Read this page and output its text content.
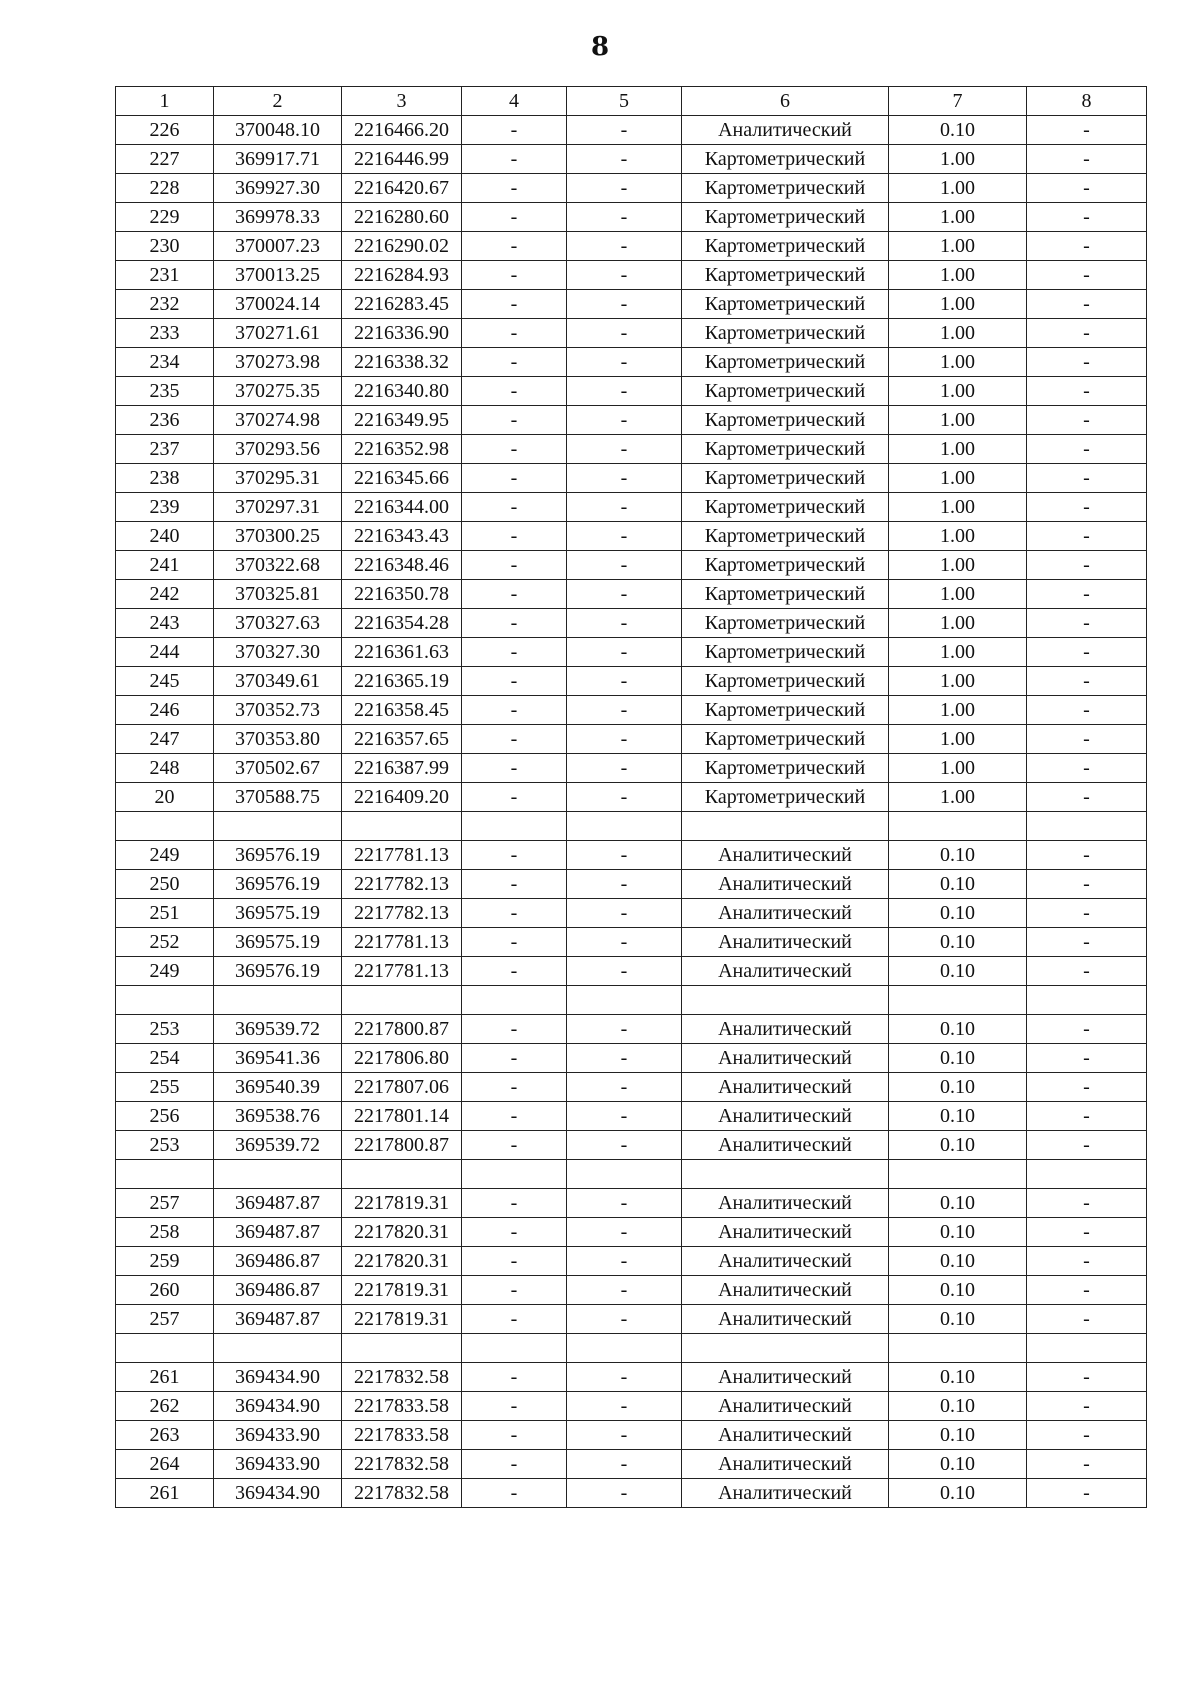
8
1	2	3	4	5	6	7	8
226	370048.10	2216466.20	-	-	Аналитический	0.10	-
227	369917.71	2216446.99	-	-	Картометрический	1.00	-
228	369927.30	2216420.67	-	-	Картометрический	1.00	-
229	369978.33	2216280.60	-	-	Картометрический	1.00	-
230	370007.23	2216290.02	-	-	Картометрический	1.00	-
231	370013.25	2216284.93	-	-	Картометрический	1.00	-
232	370024.14	2216283.45	-	-	Картометрический	1.00	-
233	370271.61	2216336.90	-	-	Картометрический	1.00	-
234	370273.98	2216338.32	-	-	Картометрический	1.00	-
235	370275.35	2216340.80	-	-	Картометрический	1.00	-
236	370274.98	2216349.95	-	-	Картометрический	1.00	-
237	370293.56	2216352.98	-	-	Картометрический	1.00	-
238	370295.31	2216345.66	-	-	Картометрический	1.00	-
239	370297.31	2216344.00	-	-	Картометрический	1.00	-
240	370300.25	2216343.43	-	-	Картометрический	1.00	-
241	370322.68	2216348.46	-	-	Картометрический	1.00	-
242	370325.81	2216350.78	-	-	Картометрический	1.00	-
243	370327.63	2216354.28	-	-	Картометрический	1.00	-
244	370327.30	2216361.63	-	-	Картометрический	1.00	-
245	370349.61	2216365.19	-	-	Картометрический	1.00	-
246	370352.73	2216358.45	-	-	Картометрический	1.00	-
247	370353.80	2216357.65	-	-	Картометрический	1.00	-
248	370502.67	2216387.99	-	-	Картометрический	1.00	-
20	370588.75	2216409.20	-	-	Картометрический	1.00	-

249	369576.19	2217781.13	-	-	Аналитический	0.10	-
250	369576.19	2217782.13	-	-	Аналитический	0.10	-
251	369575.19	2217782.13	-	-	Аналитический	0.10	-
252	369575.19	2217781.13	-	-	Аналитический	0.10	-
249	369576.19	2217781.13	-	-	Аналитический	0.10	-

253	369539.72	2217800.87	-	-	Аналитический	0.10	-
254	369541.36	2217806.80	-	-	Аналитический	0.10	-
255	369540.39	2217807.06	-	-	Аналитический	0.10	-
256	369538.76	2217801.14	-	-	Аналитический	0.10	-
253	369539.72	2217800.87	-	-	Аналитический	0.10	-

257	369487.87	2217819.31	-	-	Аналитический	0.10	-
258	369487.87	2217820.31	-	-	Аналитический	0.10	-
259	369486.87	2217820.31	-	-	Аналитический	0.10	-
260	369486.87	2217819.31	-	-	Аналитический	0.10	-
257	369487.87	2217819.31	-	-	Аналитический	0.10	-

261	369434.90	2217832.58	-	-	Аналитический	0.10	-
262	369434.90	2217833.58	-	-	Аналитический	0.10	-
263	369433.90	2217833.58	-	-	Аналитический	0.10	-
264	369433.90	2217832.58	-	-	Аналитический	0.10	-
261	369434.90	2217832.58	-	-	Аналитический	0.10	-
